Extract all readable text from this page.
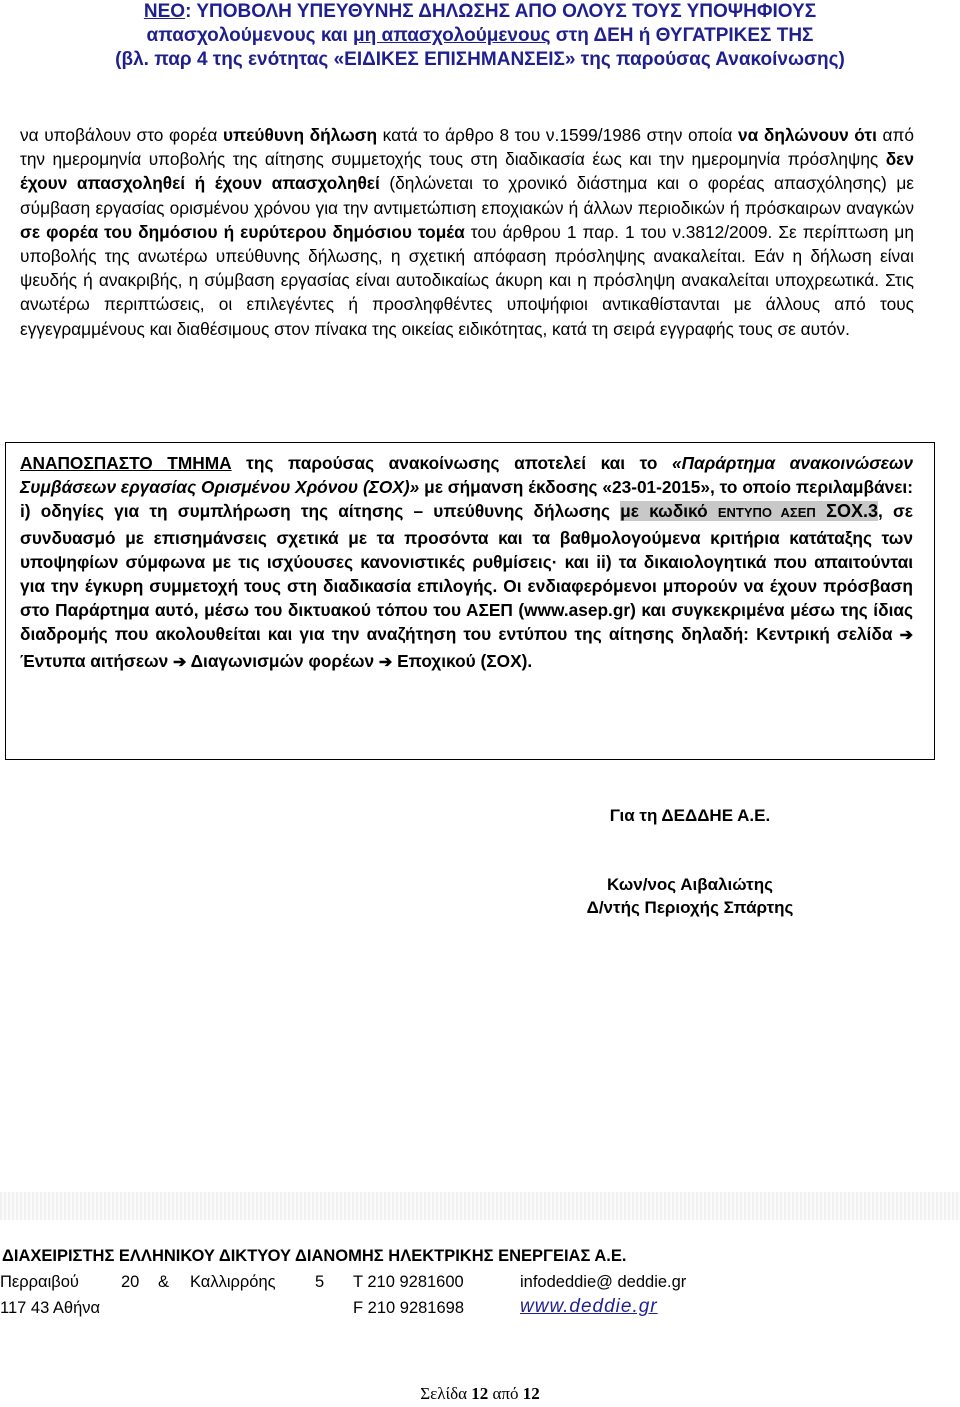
ΝΕΟ: ΥΠΟΒΟΛΗ ΥΠΕΥΘΥΝΗΣ ΔΗΛΩΣΗΣ ΑΠΟ ΟΛΟΥΣ ΤΟΥΣ ΥΠΟΨΗΦΙΟΥΣ
απασχολούμενους και μη απασχολούμενους στη ΔΕΗ ή ΘΥΓΑΤΡΙΚΕΣ ΤΗΣ
(βλ. παρ 4 της ενότητας «ΕΙΔΙΚΕΣ ΕΠΙΣΗΜΑΝΣΕΙΣ» της παρούσας Ανακοίνωσης)
να υποβάλουν στο φορέα υπεύθυνη δήλωση κατά το άρθρο 8 του ν.1599/1986 στην οποία να δηλώνουν ότι από την ημερομηνία υποβολής της αίτησης συμμετοχής τους στη διαδικασία έως και την ημερομηνία πρόσληψης δεν έχουν απασχοληθεί ή έχουν απασχοληθεί (δηλώνεται το χρονικό διάστημα και ο φορέας απασχόλησης) με σύμβαση εργασίας ορισμένου χρόνου για την αντιμετώπιση εποχιακών ή άλλων περιοδικών ή πρόσκαιρων αναγκών σε φορέα του δημόσιου ή ευρύτερου δημόσιου τομέα του άρθρου 1 παρ. 1 του ν.3812/2009. Σε περίπτωση μη υποβολής της ανωτέρω υπεύθυνης δήλωσης, η σχετική απόφαση πρόσληψης ανακαλείται. Εάν η δήλωση είναι ψευδής ή ανακριβής, η σύμβαση εργασίας είναι αυτοδικαίως άκυρη και η πρόσληψη ανακαλείται υποχρεωτικά. Στις ανωτέρω περιπτώσεις, οι επιλεγέντες ή προσληφθέντες υποψήφιοι αντικαθίστανται με άλλους από τους εγγεγραμμένους και διαθέσιμους στον πίνακα της οικείας ειδικότητας, κατά τη σειρά εγγραφής τους σε αυτόν.
ΑΝΑΠΟΣΠΑΣΤΟ ΤΜΗΜΑ της παρούσας ανακοίνωσης αποτελεί και το «Παράρτημα ανακοινώσεων Συμβάσεων εργασίας Ορισμένου Χρόνου (ΣΟΧ)» με σήμανση έκδοσης «23-01-2015», το οποίο περιλαμβάνει: i) οδηγίες για τη συμπλήρωση της αίτησης – υπεύθυνης δήλωσης με κωδικό ΕΝΤΥΠΟ ΑΣΕΠ ΣΟΧ.3, σε συνδυασμό με επισημάνσεις σχετικά με τα προσόντα και τα βαθμολογούμενα κριτήρια κατάταξης των υποψηφίων σύμφωνα με τις ισχύουσες κανονιστικές ρυθμίσεις· και ii) τα δικαιολογητικά που απαιτούνται για την έγκυρη συμμετοχή τους στη διαδικασία επιλογής. Οι ενδιαφερόμενοι μπορούν να έχουν πρόσβαση στο Παράρτημα αυτό, μέσω του δικτυακού τόπου του ΑΣΕΠ (www.asep.gr) και συγκεκριμένα μέσω της ίδιας διαδρομής που ακολουθείται και για την αναζήτηση του εντύπου της αίτησης δηλαδή: Κεντρική σελίδα ➔ Έντυπα αιτήσεων ➔ Διαγωνισμών φορέων ➔ Εποχικού (ΣΟΧ).
Για τη ΔΕΔΔΗΕ Α.Ε.
Κων/νος Αιβαλιώτης
Δ/ντής Περιοχής Σπάρτης
ΔΙΑΧΕΙΡΙΣΤΗΣ ΕΛΛΗΝΙΚΟΥ ΔΙΚΤΥΟΥ ΔΙΑΝΟΜΗΣ ΗΛΕΚΤΡΙΚΗΣ ΕΝΕΡΓΕΙΑΣ Α.Ε.
Περραιβού	20 & Καλλιρρόης 5 Τ 210 9281600	infodeddie@ deddie.gr
117 43 Αθήνα	F 210 9281698	www.deddie.gr
Σελίδα 12 από 12
